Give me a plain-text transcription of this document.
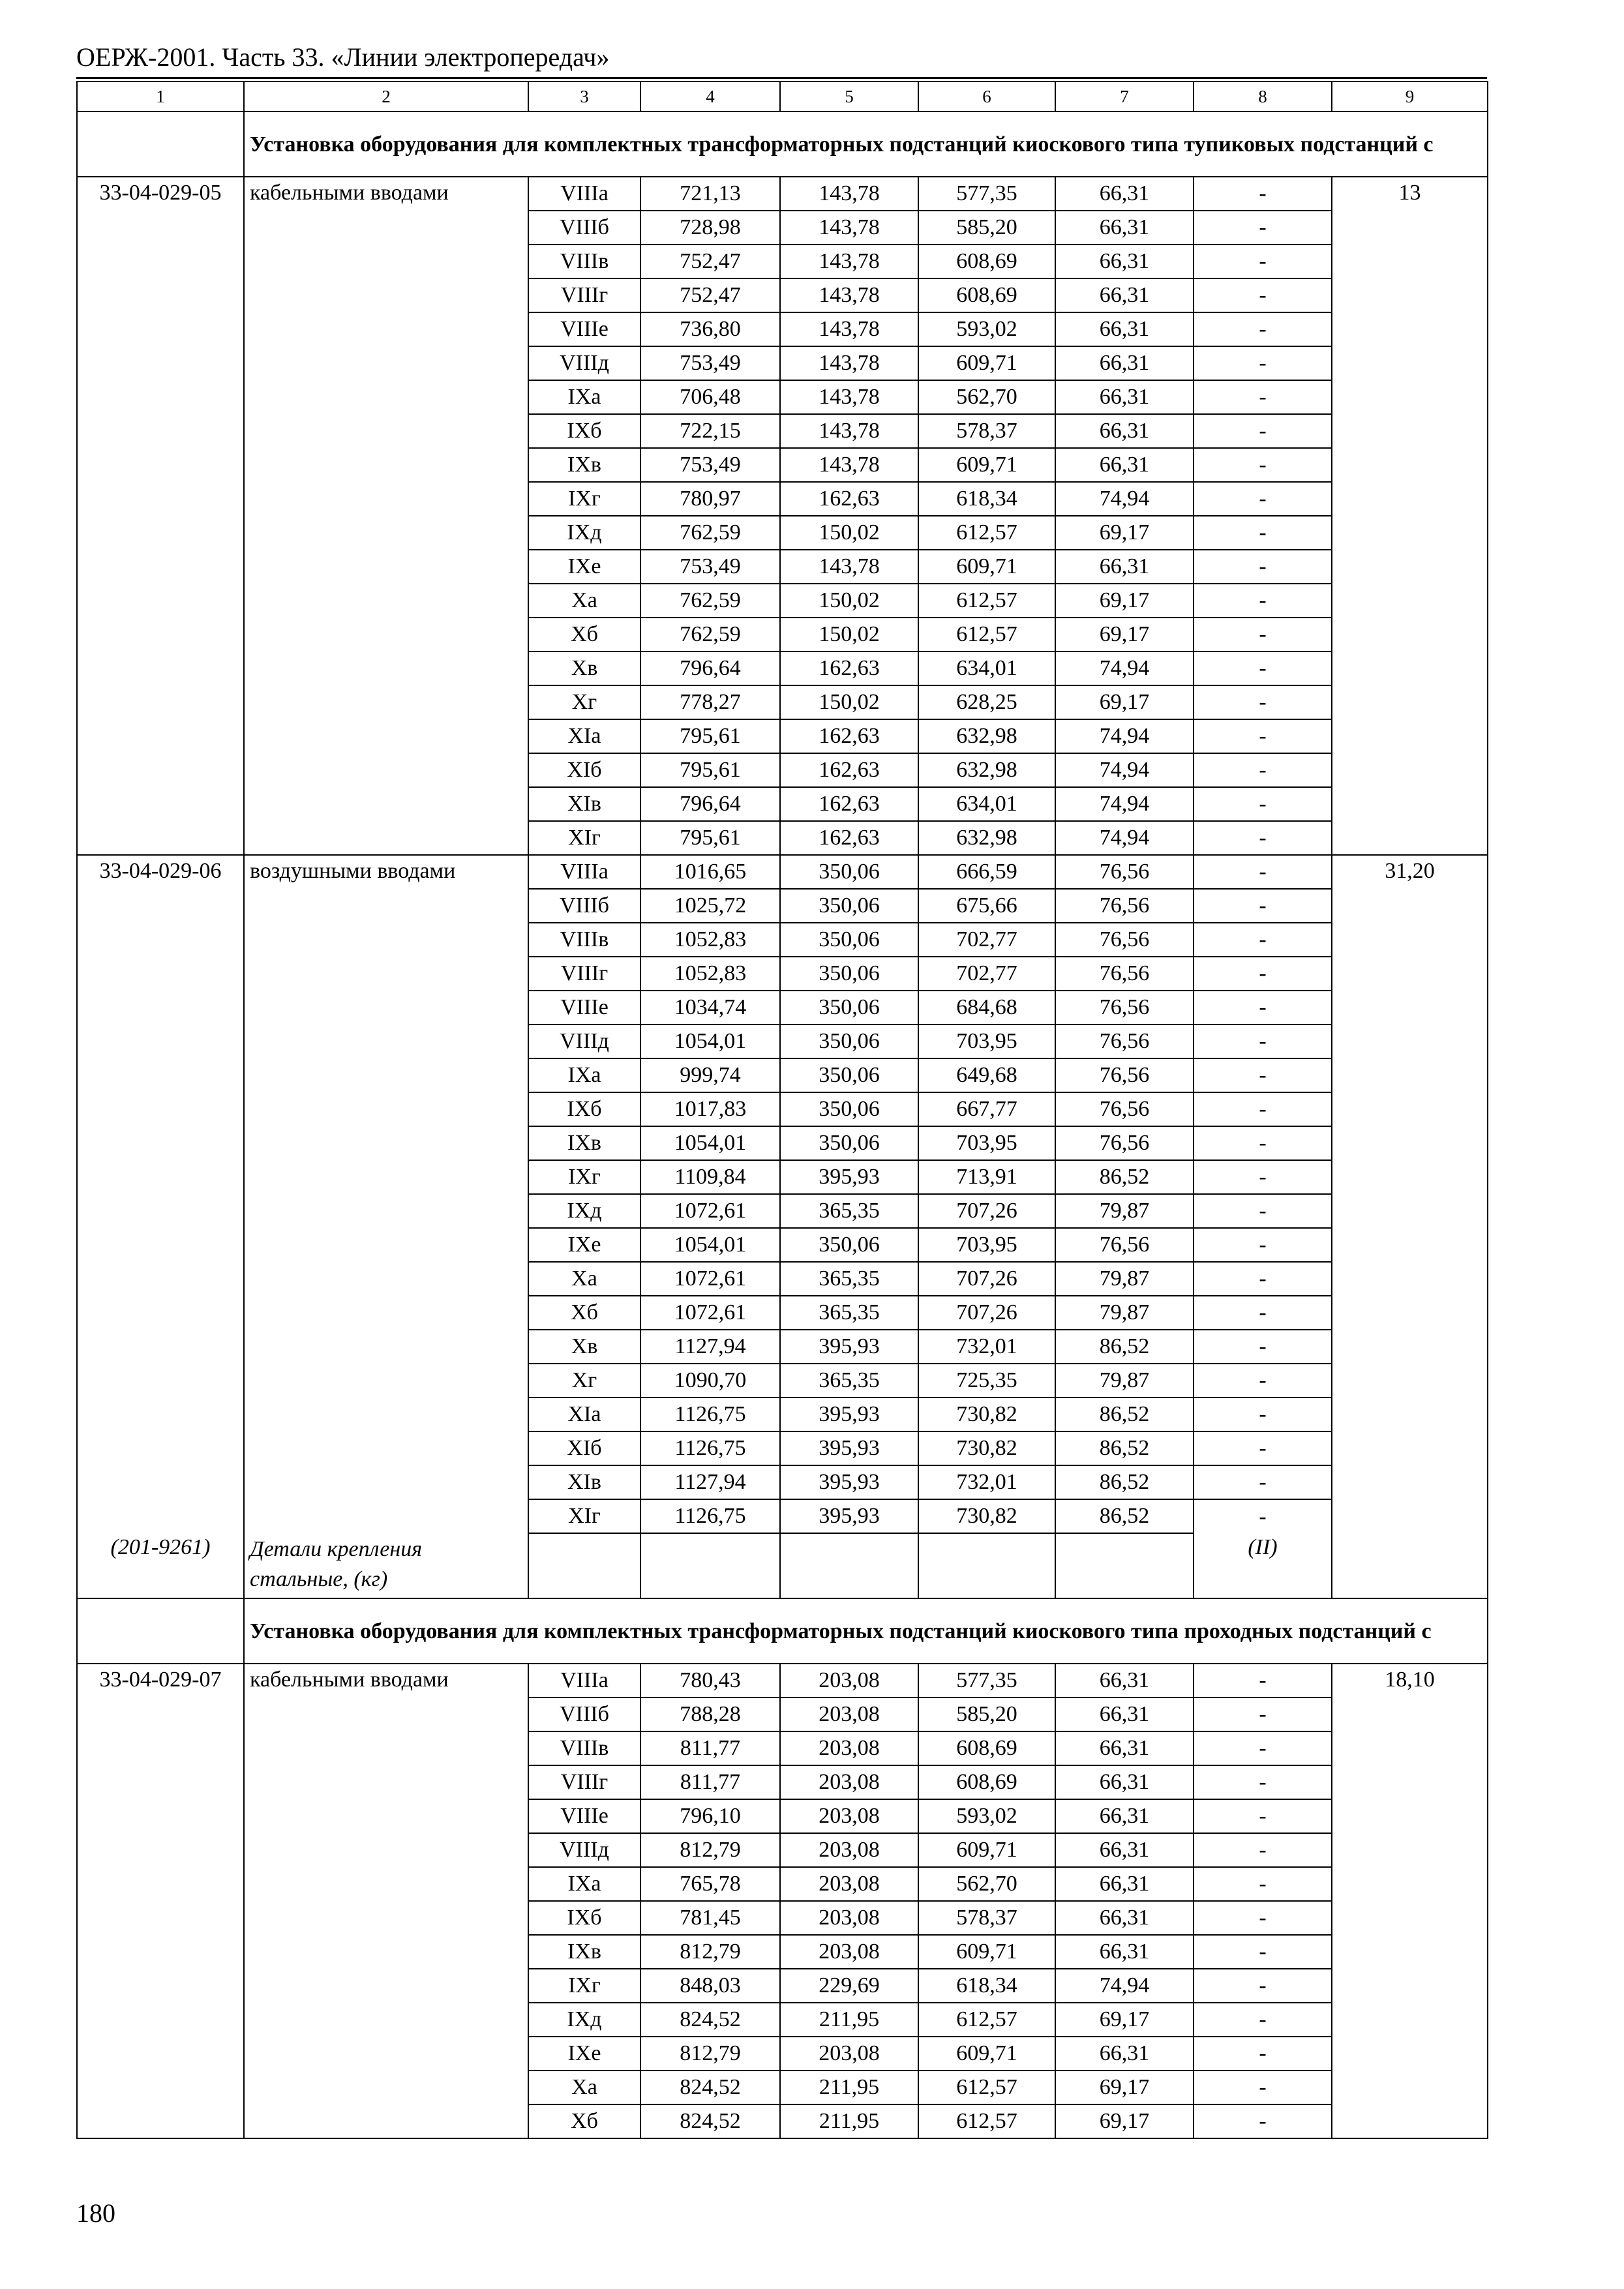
ОЕРЖ-2001. Часть 33. «Линии электропередач»
1	2	3	4	5	6	7	8	9
	Установка оборудования для комплектных трансформаторных подстанций киоскового типа тупиковых подстанций с							
33-04-029-05	кабельными вводами	VIIIа	721,13	143,78	577,35	66,31	-	13
		VIIIб	728,98	143,78	585,20	66,31	-	
		VIIIв	752,47	143,78	608,69	66,31	-	
		VIIIг	752,47	143,78	608,69	66,31	-	
		VIIIе	736,80	143,78	593,02	66,31	-	
		VIIIд	753,49	143,78	609,71	66,31	-	
		IXа	706,48	143,78	562,70	66,31	-	
		IXб	722,15	143,78	578,37	66,31	-	
		IXв	753,49	143,78	609,71	66,31	-	
		IXг	780,97	162,63	618,34	74,94	-	
		IXд	762,59	150,02	612,57	69,17	-	
		IXе	753,49	143,78	609,71	66,31	-	
		Xа	762,59	150,02	612,57	69,17	-	
		Xб	762,59	150,02	612,57	69,17	-	
		Xв	796,64	162,63	634,01	74,94	-	
		Xг	778,27	150,02	628,25	69,17	-	
		XIа	795,61	162,63	632,98	74,94	-	
		XIб	795,61	162,63	632,98	74,94	-	
		XIв	796,64	162,63	634,01	74,94	-	
		XIг	795,61	162,63	632,98	74,94	-	
33-04-029-06	воздушными вводами	VIIIа	1016,65	350,06	666,59	76,56	-	31,20
		VIIIб	1025,72	350,06	675,66	76,56	-	
		VIIIв	1052,83	350,06	702,77	76,56	-	
		VIIIг	1052,83	350,06	702,77	76,56	-	
		VIIIе	1034,74	350,06	684,68	76,56	-	
		VIIIд	1054,01	350,06	703,95	76,56	-	
		IXа	999,74	350,06	649,68	76,56	-	
		IXб	1017,83	350,06	667,77	76,56	-	
		IXв	1054,01	350,06	703,95	76,56	-	
		IXг	1109,84	395,93	713,91	86,52	-	
		IXд	1072,61	365,35	707,26	79,87	-	
		IXе	1054,01	350,06	703,95	76,56	-	
		Xа	1072,61	365,35	707,26	79,87	-	
		Xб	1072,61	365,35	707,26	79,87	-	
		Xв	1127,94	395,93	732,01	86,52	-	
		Xг	1090,70	365,35	725,35	79,87	-	
		XIа	1126,75	395,93	730,82	86,52	-	
		XIб	1126,75	395,93	730,82	86,52	-	
		XIв	1127,94	395,93	732,01	86,52	-	
		XIг	1126,75	395,93	730,82	86,52	-	
(201-9261)	Детали крепления стальные, (кг)						(II)	
	Установка оборудования для комплектных трансформаторных подстанций киоскового типа проходных подстанций с							
33-04-029-07	кабельными вводами	VIIIа	780,43	203,08	577,35	66,31	-	18,10
		VIIIб	788,28	203,08	585,20	66,31	-	
		VIIIв	811,77	203,08	608,69	66,31	-	
		VIIIг	811,77	203,08	608,69	66,31	-	
		VIIIе	796,10	203,08	593,02	66,31	-	
		VIIIд	812,79	203,08	609,71	66,31	-	
		IXа	765,78	203,08	562,70	66,31	-	
		IXб	781,45	203,08	578,37	66,31	-	
		IXв	812,79	203,08	609,71	66,31	-	
		IXг	848,03	229,69	618,34	74,94	-	
		IXд	824,52	211,95	612,57	69,17	-	
		IXе	812,79	203,08	609,71	66,31	-	
		Xа	824,52	211,95	612,57	69,17	-	
		Xб	824,52	211,95	612,57	69,17	-	
180
